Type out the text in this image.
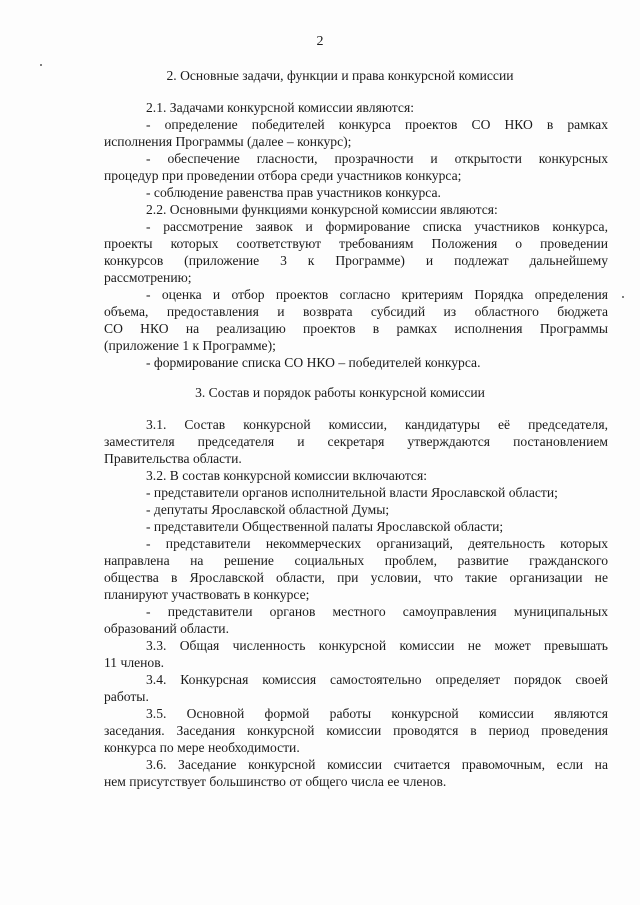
2
2. Основные задачи, функции и права конкурсной комиссии
2.1. Задачами конкурсной комиссии являются:
- определение победителей конкурса проектов СО НКО в рамках
исполнения Программы (далее – конкурс);
- обеспечение гласности, прозрачности и открытости конкурсных
процедур при проведении отбора среди участников конкурса;
- соблюдение равенства прав участников конкурса.
2.2. Основными функциями конкурсной комиссии являются:
- рассмотрение заявок и формирование списка участников конкурса,
проекты которых соответствуют требованиям Положения о проведении
конкурсов (приложение 3 к Программе) и подлежат дальнейшему
рассмотрению;
- оценка и отбор проектов согласно критериям Порядка определения
объема, предоставления и возврата субсидий из областного бюджета
СО НКО на реализацию проектов в рамках исполнения Программы
(приложение 1 к Программе);
- формирование списка СО НКО – победителей конкурса.
3. Состав и порядок работы конкурсной комиссии
3.1. Состав конкурсной комиссии, кандидатуры её председателя,
заместителя председателя и секретаря утверждаются постановлением
Правительства области.
3.2. В состав конкурсной комиссии включаются:
- представители органов исполнительной власти Ярославской области;
- депутаты Ярославской областной Думы;
- представители Общественной палаты Ярославской области;
- представители некоммерческих организаций, деятельность которых
направлена на решение социальных проблем, развитие гражданского
общества в Ярославской области, при условии, что такие организации не
планируют участвовать в конкурсе;
- представители органов местного самоуправления муниципальных
образований области.
3.3. Общая численность конкурсной комиссии не может превышать
11 членов.
3.4. Конкурсная комиссия самостоятельно определяет порядок своей
работы.
3.5. Основной формой работы конкурсной комиссии являются
заседания. Заседания конкурсной комиссии проводятся в период проведения
конкурса по мере необходимости.
3.6. Заседание конкурсной комиссии считается правомочным, если на
нем присутствует большинство от общего числа ее членов.
